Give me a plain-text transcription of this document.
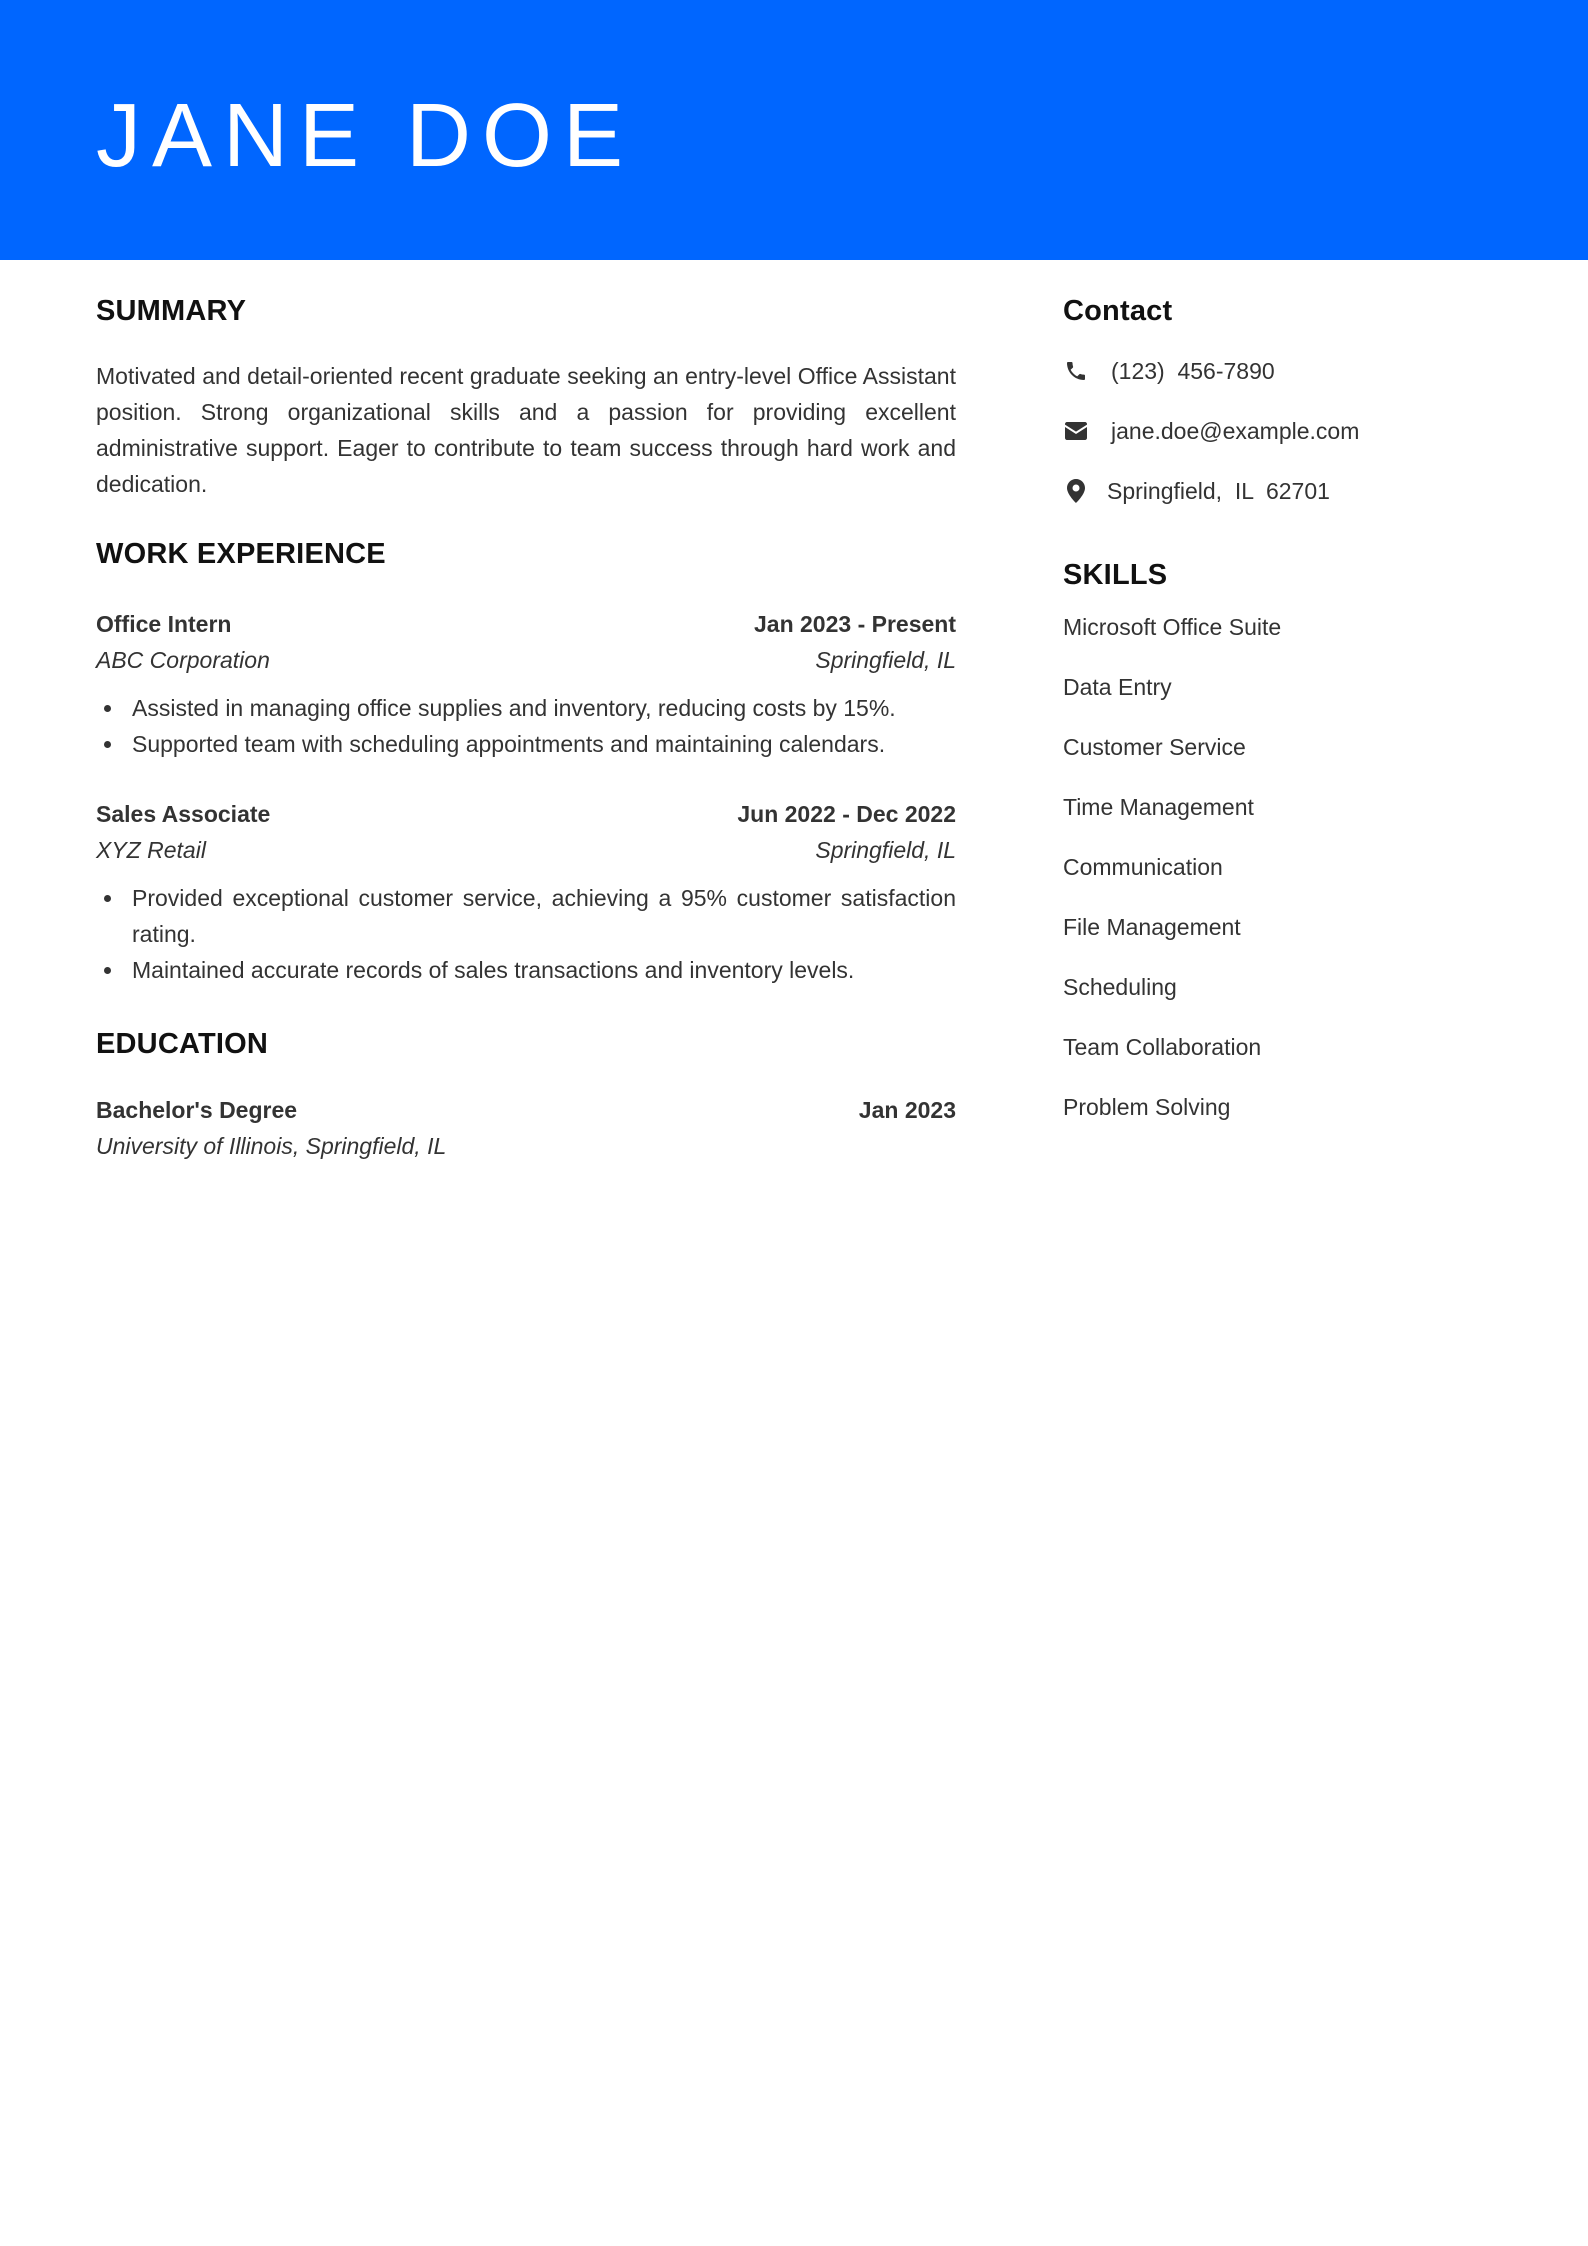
JANE DOE
SUMMARY

Motivated and detail-oriented recent graduate seeking an entry-level Office Assistant position. Strong organizational skills and a passion for providing excellent administrative support. Eager to contribute to team success through hard work and dedication.

WORK EXPERIENCE
Office Intern	Jan 2023 - Present
ABC Corporation	Springfield, IL
Assisted in managing office supplies and inventory, reducing costs by 15%.
Supported team with scheduling appointments and maintaining calendars.
Sales Associate	Jun 2022 - Dec 2022
XYZ Retail	Springfield, IL
Provided exceptional customer service, achieving a 95% customer satisfaction rating.
Maintained accurate records of sales transactions and inventory levels.
EDUCATION
Bachelor's Degree	Jan 2023
University of Illinois, Springfield, IL
Contact
(123)  456-7890
jane.doe@example.com
Springfield,  IL  62701
SKILLS
Microsoft Office Suite
Data Entry
Customer Service
Time Management
Communication
File Management
Scheduling
Team Collaboration
Problem Solving
